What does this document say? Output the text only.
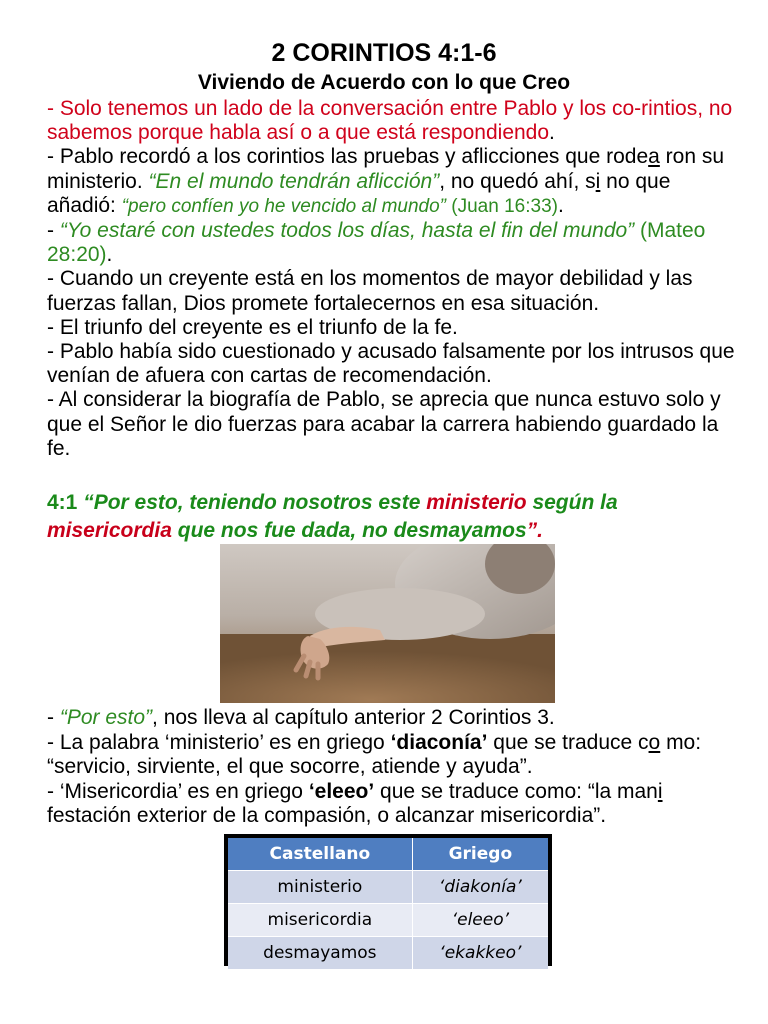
2 CORINTIOS 4:1-6
Viviendo de Acuerdo con lo que Creo

- Solo tenemos un lado de la conversación entre Pablo y los co-rintios, no sabemos porque habla así o a que está respondiendo.

- Pablo recordó a los corintios las pruebas y aflicciones que rodea ron su ministerio. “En el mundo tendrán aflicción”, no quedó ahí, si no que añadió: “pero confíen yo he vencido al mundo” (Juan 16:33).

- “Yo estaré con ustedes todos los días, hasta el fin del mundo” (Mateo 28:20).

- Cuando un creyente está en los momentos de mayor debilidad y las fuerzas fallan, Dios promete fortalecernos en esa situación.

- El triunfo del creyente es el triunfo de la fe.

- Pablo había sido cuestionado y acusado falsamente por los intrusos que venían de afuera con cartas de recomendación.

- Al considerar la biografía de Pablo, se aprecia que nunca estuvo solo y que el Señor le dio fuerzas para acabar la carrera habiendo guardado la fe.

4:1 “Por esto, teniendo nosotros este ministerio según la misericordia que nos fue dada, no desmayamos”.

- “Por esto”, nos lleva al capítulo anterior 2 Corintios 3.

- La palabra ‘ministerio’ es en griego ‘diaconía’ que se traduce co mo: “servicio, sirviente, el que socorre, atiende y ayuda”.

- ‘Misericordia’ es en griego ‘eleeo’ que se traduce como: “la mani festación exterior de la compasión, o alcanzar misericordia”.

Castellano	Griego
ministerio	‘diakonía’
misericordia	‘eleeo’
desmayamos	‘ekakkeo’
